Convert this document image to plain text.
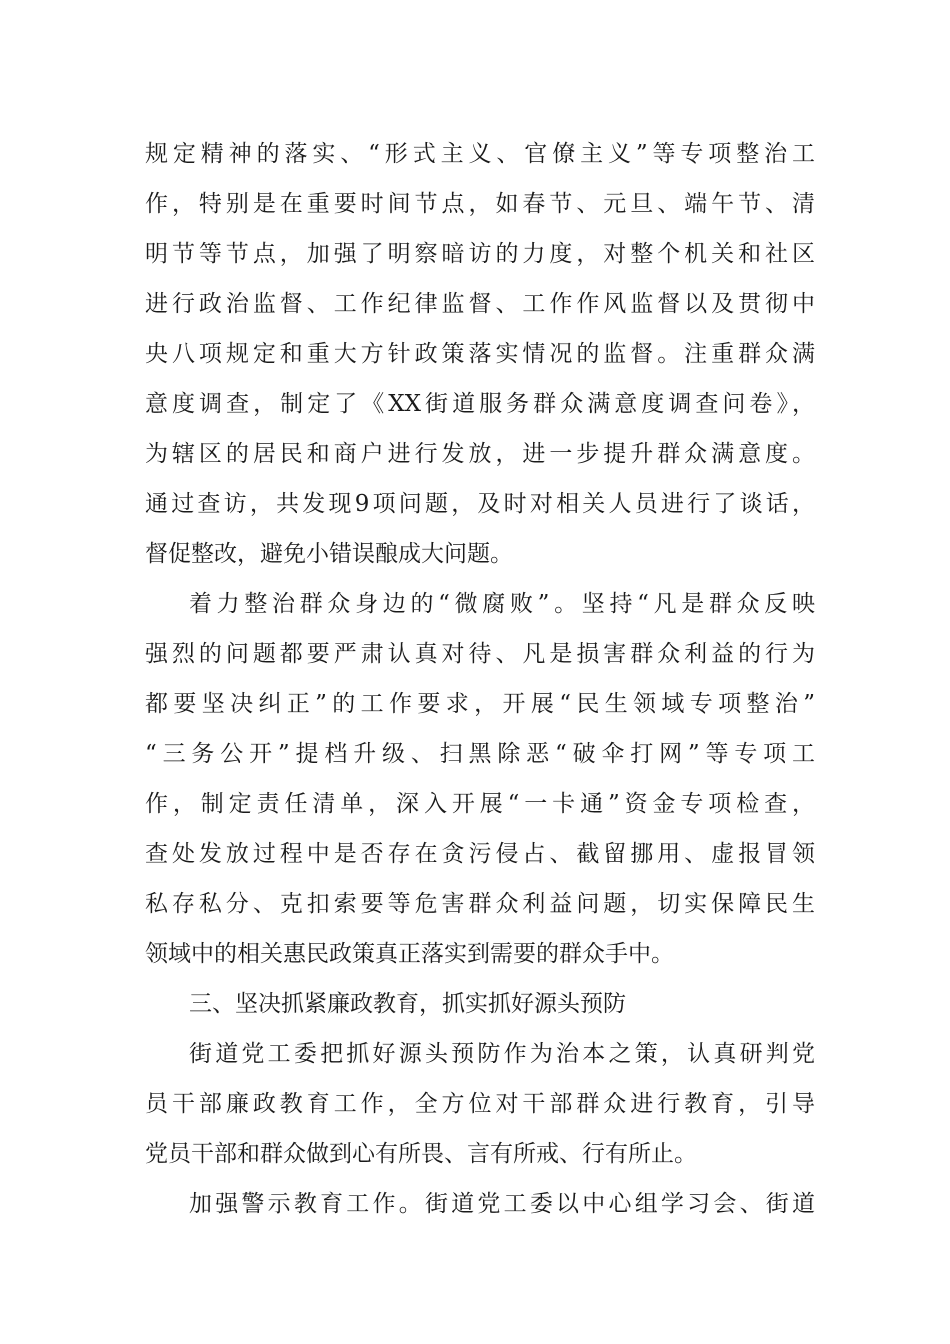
规定精神的落实、“形式主义、官僚主义”等专项整治工
作，特别是在重要时间节点，如春节、元旦、端午节、清
明节等节点，加强了明察暗访的力度，对整个机关和社区
进行政治监督、工作纪律监督、工作作风监督以及贯彻中
央八项规定和重大方针政策落实情况的监督。注重群众满
意度调查，制定了《XX街道服务群众满意度调查问卷》，
为辖区的居民和商户进行发放，进一步提升群众满意度。
通过查访，共发现9项问题，及时对相关人员进行了谈话，
督促整改，避免小错误酿成大问题。
着力整治群众身边的“微腐败”。坚持“凡是群众反映
强烈的问题都要严肃认真对待、凡是损害群众利益的行为
都要坚决纠正”的工作要求，开展“民生领域专项整治”
“三务公开”提档升级、扫黑除恶“破伞打网”等专项工
作，制定责任清单，深入开展“一卡通”资金专项检查，
查处发放过程中是否存在贪污侵占、截留挪用、虚报冒领
私存私分、克扣索要等危害群众利益问题，切实保障民生
领域中的相关惠民政策真正落实到需要的群众手中。
三、坚决抓紧廉政教育，抓实抓好源头预防
街道党工委把抓好源头预防作为治本之策，认真研判党
员干部廉政教育工作，全方位对干部群众进行教育，引导
党员干部和群众做到心有所畏、言有所戒、行有所止。
加强警示教育工作。街道党工委以中心组学习会、街道
